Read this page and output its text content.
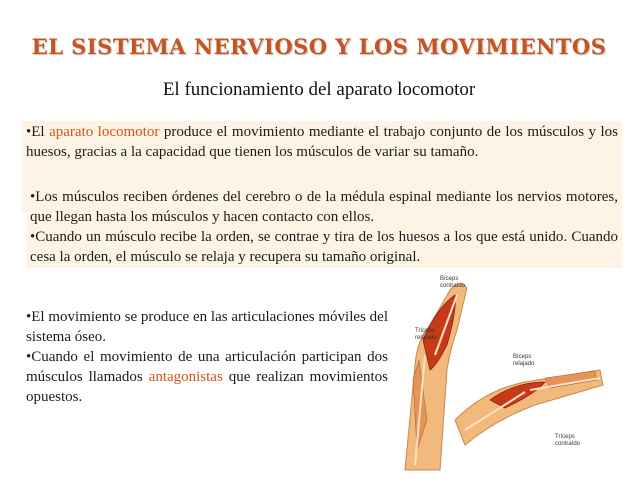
EL SISTEMA NERVIOSO Y LOS MOVIMIENTOS
El funcionamiento del aparato locomotor
•El aparato locomotor produce el movimiento mediante el trabajo conjunto de los músculos y los huesos, gracias a la capacidad que tienen los músculos de variar su tamaño.
•Los músculos reciben órdenes del cerebro o de la médula espinal mediante los nervios motores, que llegan hasta los músculos y hacen contacto con ellos.
•Cuando un músculo recibe la orden, se contrae y tira de los huesos a los que está unido. Cuando cesa la orden, el músculo se relaja y recupera su tamaño original.
•El movimiento se produce en las articulaciones móviles del sistema óseo.
•Cuando el movimiento de una articulación participan dos músculos llamados antagonistas que realizan movimientos opuestos.
Bíceps
contraído
Tríceps
relajado
Bíceps
relajado
Tríceps
contraído
